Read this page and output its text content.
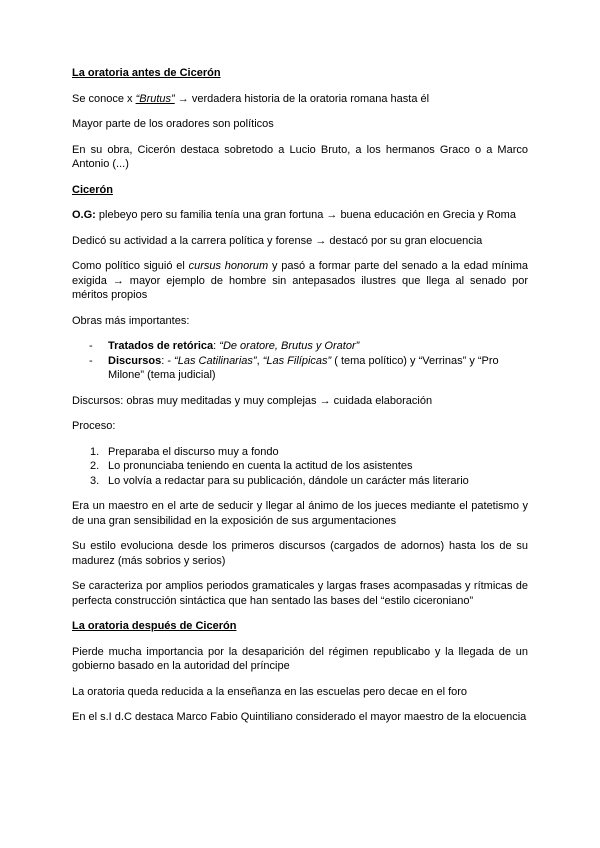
La oratoria antes de Cicerón

Se conoce x “Brutus” → verdadera historia de la oratoria romana hasta él

Mayor parte de los oradores son políticos

En su obra, Cicerón destaca sobretodo a Lucio Bruto, a los hermanos Graco o a Marco Antonio (...)

Cicerón

O.G: plebeyo pero su familia tenía una gran fortuna → buena educación en Grecia y Roma

Dedicó su actividad a la carrera política y forense → destacó por su gran elocuencia

Como político siguió el cursus honorum y pasó a formar parte del senado a la edad mínima exigida → mayor ejemplo de hombre sin antepasados ilustres que llega al senado por méritos propios

Obras más importantes:

- Tratados de retórica: “De oratore, Brutus y Orator”
- Discursos: - “Las Catilinarias”, “Las Filípicas” ( tema político) y “Verrinas” y “Pro Milone” (tema judicial)

Discursos: obras muy meditadas y muy complejas → cuidada elaboración

Proceso:

1. Preparaba el discurso muy a fondo
2. Lo pronunciaba teniendo en cuenta la actitud de los asistentes
3. Lo volvía a redactar para su publicación, dándole un carácter más literario

Era un maestro en el arte de seducir y llegar al ánimo de los jueces mediante el patetismo y de una gran sensibilidad en la exposición de sus argumentaciones

Su estilo evoluciona desde los primeros discursos (cargados de adornos) hasta los de su madurez (más sobrios y serios)

Se caracteriza por amplios periodos gramaticales y largas frases acompasadas y rítmicas de perfecta construcción sintáctica que han sentado las bases del “estilo ciceroniano”

La oratoria después de Cicerón

Pierde mucha importancia por la desaparición del régimen republicabo y la llegada de un gobierno basado en la autoridad del príncipe

La oratoria queda reducida a la enseñanza en las escuelas pero decae en el foro

En el s.I d.C destaca Marco Fabio Quintiliano considerado el mayor maestro de la elocuencia
